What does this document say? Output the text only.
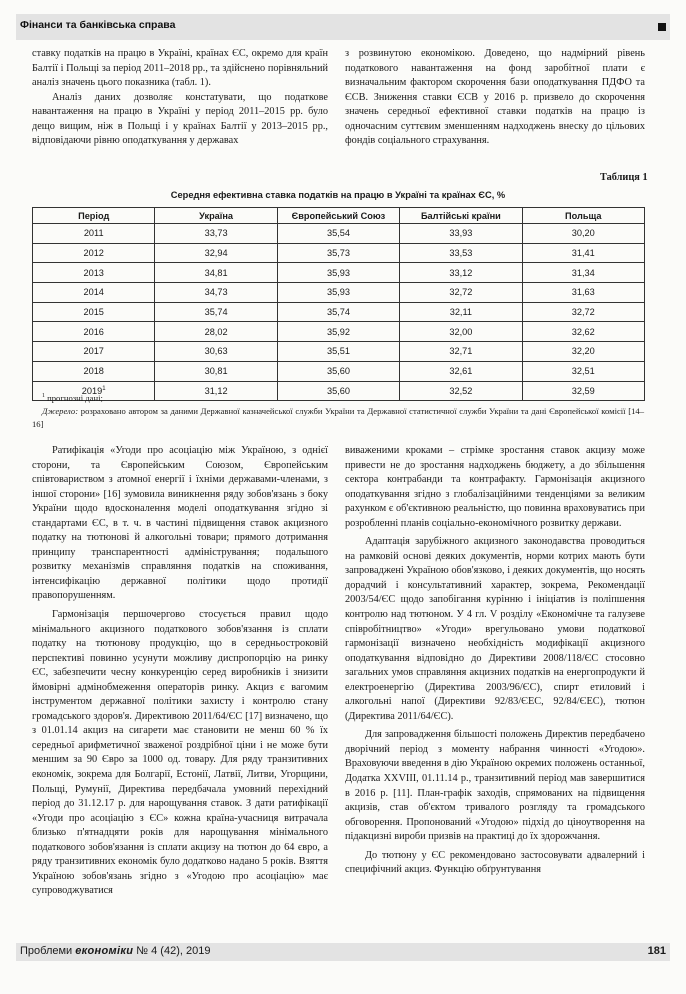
Фінанси та банківська справа

ставку податків на працю в Україні, країнах ЄС, окремо для країн Балтії і Польщі за період 2011–2018 рр., та здійснено порівняльний аналіз значень цього показника (табл. 1).

Аналіз даних дозволяє констатувати, що податкове навантаження на працю в Україні у період 2011–2015 рр. було дещо вищим, ніж в Польщі і у країнах Балтії у 2013–2015 рр., відповідаючи рівню оподаткування у державах

з розвинутою економікою. Доведено, що надмірний рівень податкового навантаження на фонд заробітної плати є визначальним фактором скорочення бази оподаткування ПДФО та ЄСВ. Зниження ставки ЄСВ у 2016 р. призвело до скорочення значень середньої ефективної ставки податків на працю із одночасним суттєвим зменшенням надходжень внеску до цільових фондів соціального страхування.

Таблиця 1
Середня ефективна ставка податків на працю в Україні та країнах ЄС, %
Період	Україна	Європейський Союз	Балтійські країни	Польща
2011	33,73	35,54	33,93	30,20
2012	32,94	35,73	33,53	31,41
2013	34,81	35,93	33,12	31,34
2014	34,73	35,93	32,72	31,63
2015	35,74	35,74	32,11	32,72
2016	28,02	35,92	32,00	32,62
2017	30,63	35,51	32,71	32,20
2018	30,81	35,60	32,61	32,51
2019$^1$	31,12	35,60	32,52	32,59
$^1$ прогнозні дані;
Джерело: розраховано автором за даними Державної казначейської служби України та Державної статистичної служби України та дані Європейської комісії [14–16]

Ратифікація «Угоди про асоціацію між Україною, з однієї сторони, та Європейським Союзом, Європейським співтовариством з атомної енергії і їхніми державами-членами, з іншої сторони» [16] зумовила виникнення ряду зобов'язань з боку України щодо вдосконалення моделі оподаткування згідно зі стандартами ЄС, в т. ч. в частині підвищення ставок акцизного податку на тютюнові й алкогольні товари; прямого дотримання принципу транспарентності адміністрування; подальшого розвитку механізмів справляння податків на споживання, інтенсифікацію державної політики щодо протидії правопорушенням.

Гармонізація першочергово стосується правил щодо мінімального акцизного податкового зобов'язання із сплати податку на тютюнову продукцію, що в середньостроковій перспективі повинно усунути можливу диспропорцію на ринку ЄС, забезпечити чесну конкуренцію серед виробників і знизити ймовірні адмінобмеження операторів ринку. Акциз є вагомим інструментом державної політики захисту і контролю стану громадського здоров'я. Директивою 2011/64/ЄС [17] визначено, що з 01.01.14 акциз на сигарети має становити не менш 60 % їх середньої арифметичної зваженої роздрібної ціни і не може бути меншим за 90 Євро за 1000 од. товару. Для ряду транзитивних економік, зокрема для Болгарії, Естонії, Латвії, Литви, Угорщини, Польщі, Румунії, Директива передбачала умовний перехідний період до 31.12.17 р. для нарощування ставок. З дати ратифікації «Угоди про асоціацію з ЄС» кожна країна-учасниця витрачала близько п'ятнадцяти років для нарощування мінімального податкового зобов'язання із сплати акцизу на тютюн до 64 євро, а ряду транзитивних економік було додатково надано 5 років. Взяття Україною зобов'язань згідно з «Угодою про асоціацію» має супроводжуватися

виваженими кроками – стрімке зростання ставок акцизу може привести не до зростання надходжень бюджету, а до збільшення сектора контрабанди та контрафакту. Гармонізація акцизного оподаткування згідно з глобалізаційними тенденціями за великим рахунком є об'єктивною реальністю, що повинна враховуватись при розробленні планів соціально-економічного розвитку держави.

Адаптація зарубіжного акцизного законодавства проводиться на рамковій основі деяких документів, норми котрих мають бути запроваджені Україною обов'язково, і деяких документів, що носять дорадчий і консультативний характер, зокрема, Рекомендації 2003/54/ЄС щодо запобігання курінню і ініціатив із поліпшення контролю над тютюном. У 4 гл. V розділу «Економічне та галузеве співробітництво» «Угоди» врегульовано умови податкової гармонізації визначено необхідність модифікації акцизного оподаткування відповідно до Директиви 2008/118/ЄС стосовно загальних умов справляння акцизних податків на енергопродукти й електроенергію (Директива 2003/96/ЄС), спирт етиловий і алкогольні напої (Директиви 92/83/ЄЕС, 92/84/ЄЕС), тютюн (Директива 2011/64/ЄС).

Для запровадження більшості положень Директив передбачено дворічний період з моменту набрання чинності «Угодою». Враховуючи введення в дію Україною окремих положень останньої, Додатка XXVIII, 01.11.14 р., транзитивний період мав завершитися в 2016 р. [11]. План-графік заходів, спрямованих на підвищення акцизів, став об'єктом тривалого розгляду та громадського обговорення. Пропонований «Угодою» підхід до ціноутворення на підакцизні вироби призвів на практиці до їх здорожчання.

До тютюну у ЄС рекомендовано застосовувати адвалерний і специфічний акциз. Функцію обґрунтування

Проблеми економіки № 4 (42), 2019	181
